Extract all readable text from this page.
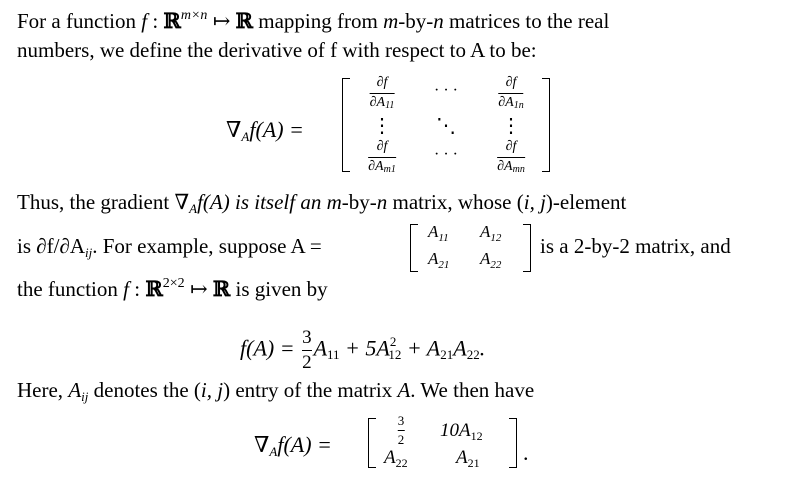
For a function f : ℝ$^{m\times n}$ ↦ ℝ mapping from m-by-n matrices to the real
numbers, we define the derivative of f with respect to A to be:
∇Af(A) =
$\frac{\partial f}{\partial A11}$ · · ·	$\frac{\partial f}{\partial A1n}$
⋮ ⋱ ⋮
$\frac{\partial f}{\partial Am1}$ · · ·	$\frac{\partial f}{\text{∂Amn}}$
Thus, the gradient ∇Af(A) is itself an m-by-n matrix, whose (i, j)-element
is ∂f/∂Aij. For example, suppose A =
$A_{11}$ $A_{12}$
$A_{21}$ $A_{22}$
is a 2-by-2 matrix, and
the function f : ℝ$^{2\times 2}$ ↦ ℝ is given by
$f(A) = \frac{3}{2} A11 + 5A^212 + A21A22$.
Here, Aij denotes the (i, j) entry of the matrix A. We then have
∇Af(A) =	$\frac{3}{2} 10A_{12}$
$A_{22}$	$A_{21}$ .
